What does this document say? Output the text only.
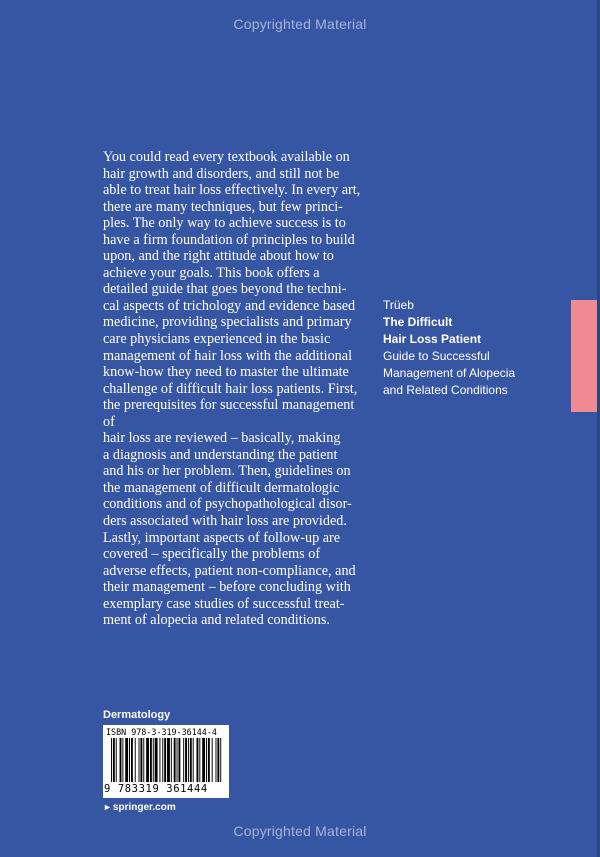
Copyrighted Material
You could read every textbook available on
hair growth and disorders, and still not be
able to treat hair loss effectively. In every art,
there are many techniques, but few princi-
ples. The only way to achieve success is to
have a firm foundation of principles to build
upon, and the right attitude about how to
achieve your goals. This book offers a
detailed guide that goes beyond the techni-
cal aspects of trichology and evidence based
medicine, providing specialists and primary
care physicians experienced in the basic
management of hair loss with the additional
know-how they need to master the ultimate
challenge of difficult hair loss patients. First,
the prerequisites for successful management of
hair loss are reviewed – basically, making
a diagnosis and understanding the patient
and his or her problem. Then, guidelines on
the management of difficult dermatologic
conditions and of psychopathological disor-
ders associated with hair loss are provided.
Lastly, important aspects of follow-up are
covered – specifically the problems of
adverse effects, patient non-compliance, and
their management – before concluding with
exemplary case studies of successful treat-
ment of alopecia and related conditions.
Trüeb
The Difficult
Hair Loss Patient
Guide to Successful
Management of Alopecia
and Related Conditions
Dermatology
ISBN 978-3-319-36144-4
9 783319 361444
►springer.com
Copyrighted Material
